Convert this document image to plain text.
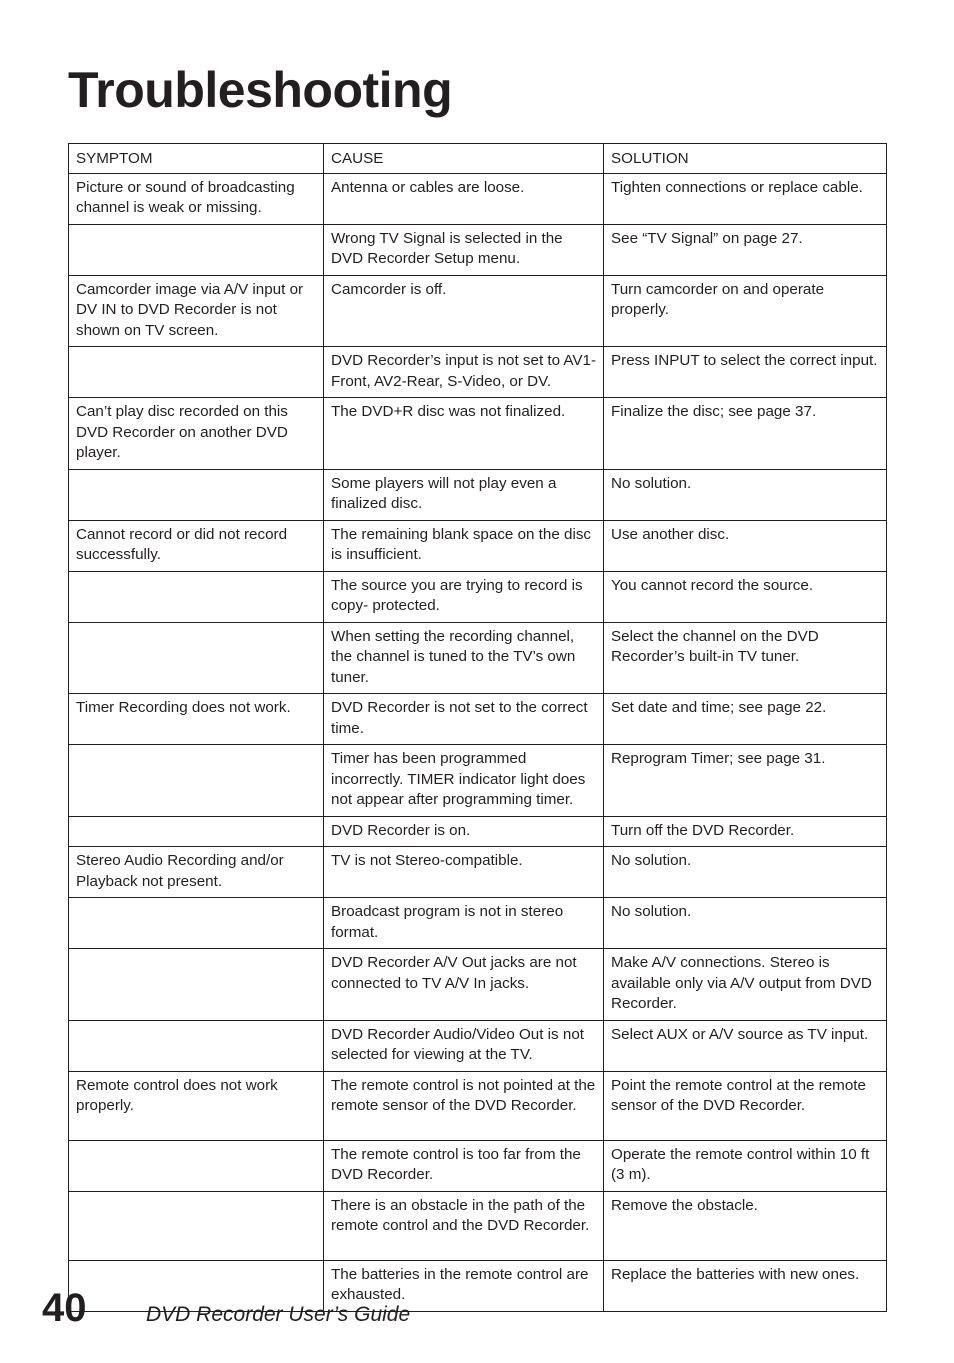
Troubleshooting
SYMPTOM	CAUSE	SOLUTION
Picture or sound of broadcasting channel is weak or missing.	Antenna or cables are loose.	Tighten connections or replace cable.
	Wrong TV Signal is selected in the DVD Recorder Setup menu.	See “TV Signal” on page 27.
Camcorder image via A/V input or DV IN to DVD Recorder is not shown on TV screen.	Camcorder is off.	Turn camcorder on and operate properly.
	DVD Recorder’s input is not set to AV1-Front, AV2-Rear, S-Video, or DV.	Press INPUT to select the correct input.
Can’t play disc recorded on this DVD Recorder on another DVD player.	The DVD+R disc was not finalized.	Finalize the disc; see page 37.
	Some players will not play even a finalized disc.	No solution.
Cannot record or did not record successfully.	The remaining blank space on the disc is insufficient.	Use another disc.
	The source you are trying to record is copy- protected.	You cannot record the source.
	When setting the recording channel, the channel is tuned to the TV’s own tuner.	Select the channel on the DVD Recorder’s built-in TV tuner.
Timer Recording does not work.	DVD Recorder is not set to the correct time.	Set date and time; see page 22.
	Timer has been programmed incorrectly. TIMER indicator light does not appear after programming timer.	Reprogram Timer; see page 31.
	DVD Recorder is on.	Turn off the DVD Recorder.
Stereo Audio Recording and/or Playback not present.	TV is not Stereo-compatible.	No solution.
	Broadcast program is not in stereo format.	No solution.
	DVD Recorder A/V Out jacks are not connected to TV A/V In jacks.	Make A/V connections. Stereo is available only via A/V output from DVD Recorder.
	DVD Recorder Audio/Video Out is not selected for viewing at the TV.	Select AUX or A/V source as TV input.
Remote control does not work properly.	The remote control is not pointed at the remote sensor of the DVD Recorder.	Point the remote control at the remote sensor of the DVD Recorder.
	The remote control is too far from the DVD Recorder.	Operate the remote control within 10 ft (3 m).
	There is an obstacle in the path of the remote control and the DVD Recorder.	Remove the obstacle.
	The batteries in the remote control are exhausted.	Replace the batteries with new ones.
40	DVD Recorder User’s Guide
